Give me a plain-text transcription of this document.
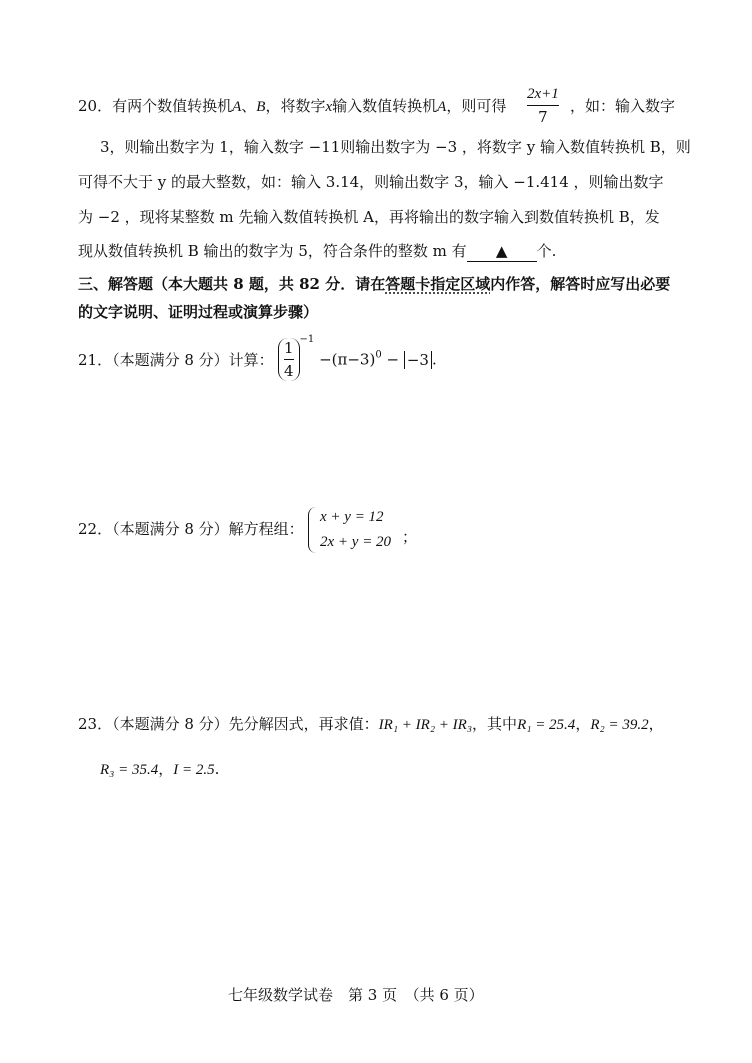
20．有两个数值转换机A、B，将数字x输入数值转换机A，则可得
2x+1
7
，如：输入数字
3，则输出数字为 1，输入数字 −11则输出数字为 −3 ，将数字 y 输入数值转换机 B，则
可得不大于 y 的最大整数，如：输入 3.14，则输出数字 3，输入 −1.414 ，则输出数字
为 −2 ，现将某整数 m 先输入数值转换机 A，再将输出的数字输入到数值转换机 B，发
现从数值转换机 B 输出的数字为 5，符合条件的整数 m 有 ▲ 个.
三、解答题（本大题共 8 题，共 82 分．请在答题卡指定区域内作答，解答时应写出必要
的文字说明、证明过程或演算步骤）
21．（本题满分 8 分）计算： $\frac{1}{4} ^{-1} -(\pi-3)^0 - -3$ .
22．（本题满分 8 分）解方程组：
x + y = 12
2x + y = 20 ；
23．（本题满分 8 分）先分解因式，再求值：IR₁ + IR₂ + IR₃，其中R₁ = 25.4，R₂ = 39.2，
R₃ = 35.4，I = 2.5.
七年级数学试卷　第 3 页　（共 6 页）
